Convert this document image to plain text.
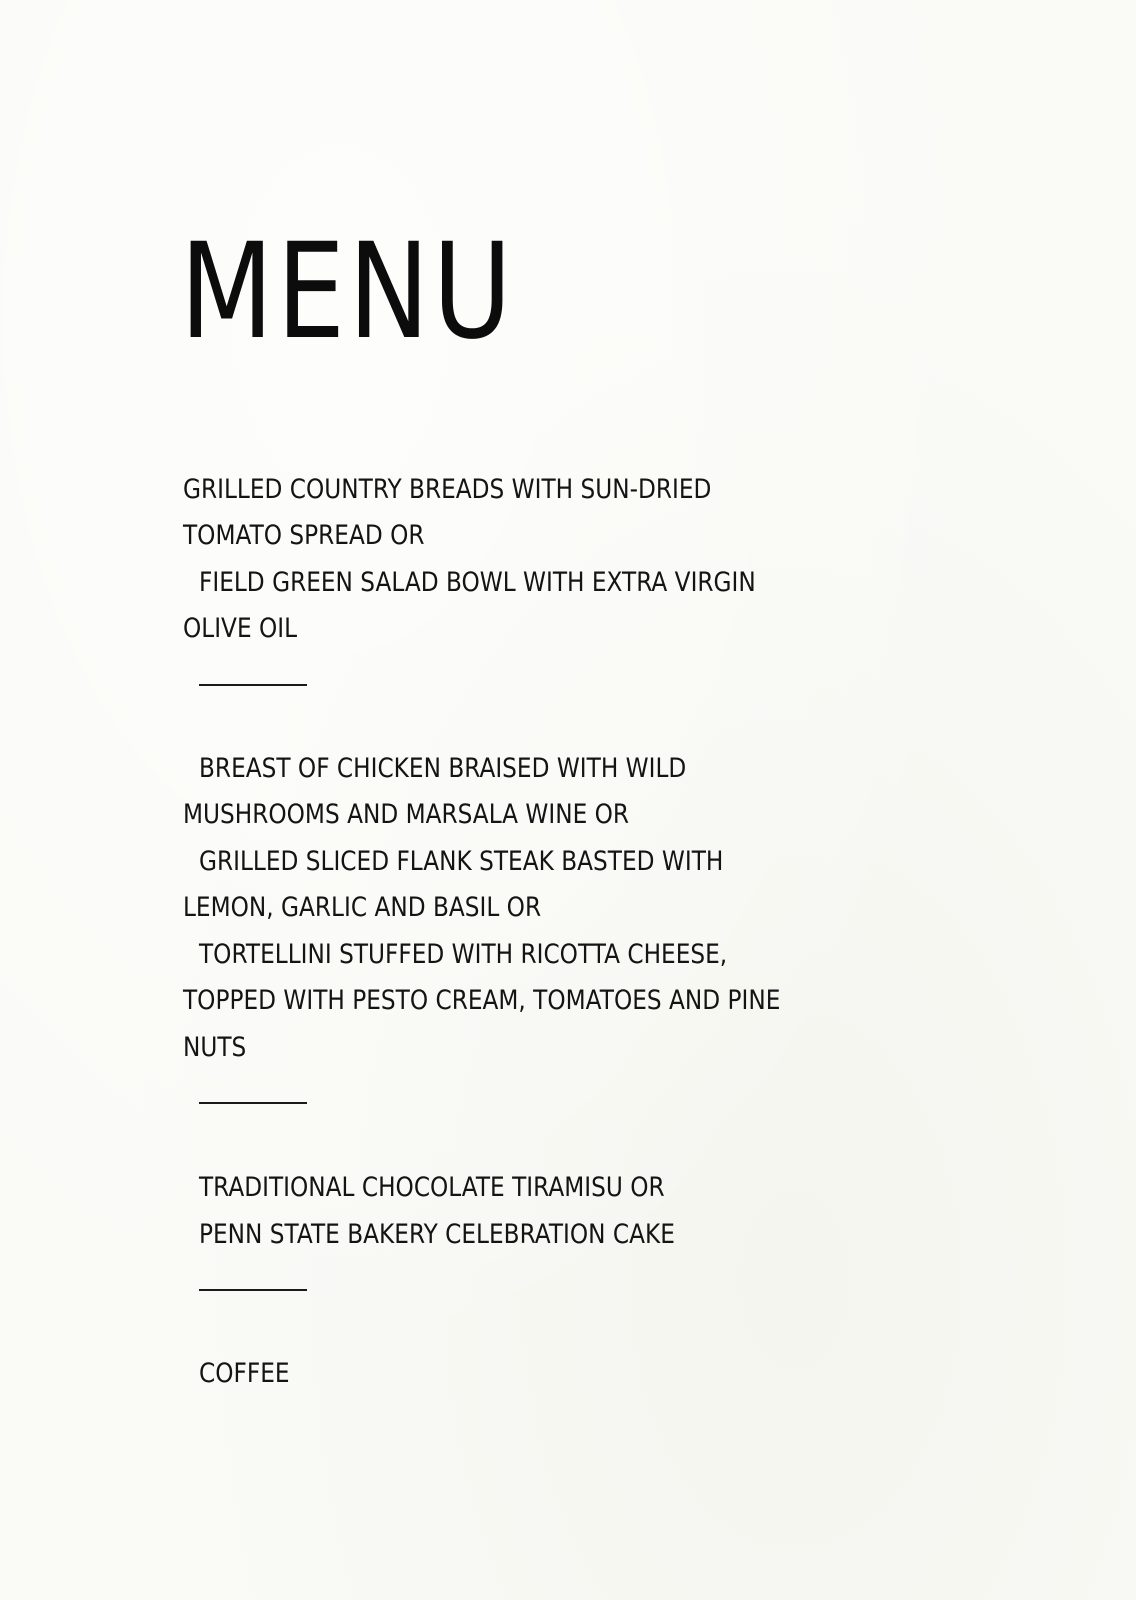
MENU
GRILLED COUNTRY BREADS WITH SUN-DRIED
TOMATO SPREAD OR
FIELD GREEN SALAD BOWL WITH EXTRA VIRGIN
OLIVE OIL
BREAST OF CHICKEN BRAISED WITH WILD
MUSHROOMS AND MARSALA WINE OR
GRILLED SLICED FLANK STEAK BASTED WITH
LEMON, GARLIC AND BASIL OR
TORTELLINI STUFFED WITH RICOTTA CHEESE,
TOPPED WITH PESTO CREAM, TOMATOES AND PINE
NUTS
TRADITIONAL CHOCOLATE TIRAMISU OR
PENN STATE BAKERY CELEBRATION CAKE
COFFEE
